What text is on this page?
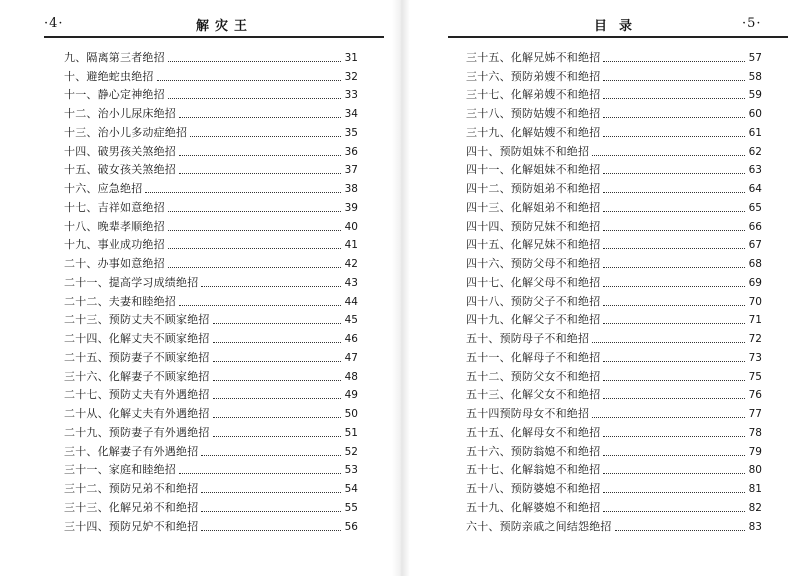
·4·	解灾王
九、隔离第三者绝招	31
十、避绝蛇虫绝招	32
十一、静心定神绝招	33
十二、治小儿尿床绝招	34
十三、治小儿多动症绝招	35
十四、破男孩关煞绝招	36
十五、破女孩关煞绝招	37
十六、应急绝招	38
十七、吉祥如意绝招	39
十八、晚辈孝顺绝招	40
十九、事业成功绝招	41
二十、办事如意绝招	42
二十一、提高学习成绩绝招	43
二十二、夫妻和睦绝招	44
二十三、预防丈夫不顾家绝招	45
二十四、化解丈夫不顾家绝招	46
二十五、预防妻子不顾家绝招	47
三十六、化解妻子不顾家绝招	48
二十七、预防丈夫有外遇绝招	49
二十从、化解丈夫有外遇绝招	50
二十九、预防妻子有外遇绝招	51
三十、化解妻子有外遇绝招	52
三十一、家庭和睦绝招	53
三十二、预防兄弟不和绝招	54
三十三、化解兄弟不和绝招	55
三十四、预防兄妒不和绝招	56
目录	·5·
三十五、化解兄姊不和绝招	57
三十六、预防弟嫂不和绝招	58
三十七、化解弟嫂不和绝招	59
三十八、预防姑嫂不和绝招	60
三十九、化解姑嫂不和绝招	61
四十、预防姐妹不和绝招	62
四十一、化解姐妹不和绝招	63
四十二、预防姐弟不和绝招	64
四十三、化解姐弟不和绝招	65
四十四、预防兄妹不和绝招	66
四十五、化解兄妹不和绝招	67
四十六、预防父母不和绝招	68
四十七、化解父母不和绝招	69
四十八、预防父子不和绝招	70
四十九、化解父子不和绝招	71
五十、预防母子不和绝招	72
五十一、化解母子不和绝招	73
五十二、预防父女不和绝招	75
五十三、化解父女不和绝招	76
五十四预防母女不和绝招	77
五十五、化解母女不和绝招	78
五十六、预防翁媳不和绝招	79
五十七、化解翁媳不和绝招	80
五十八、预防婆媳不和绝招	81
五十九、化解婆媳不和绝招	82
六十、预防亲戚之间结怨绝招	83
